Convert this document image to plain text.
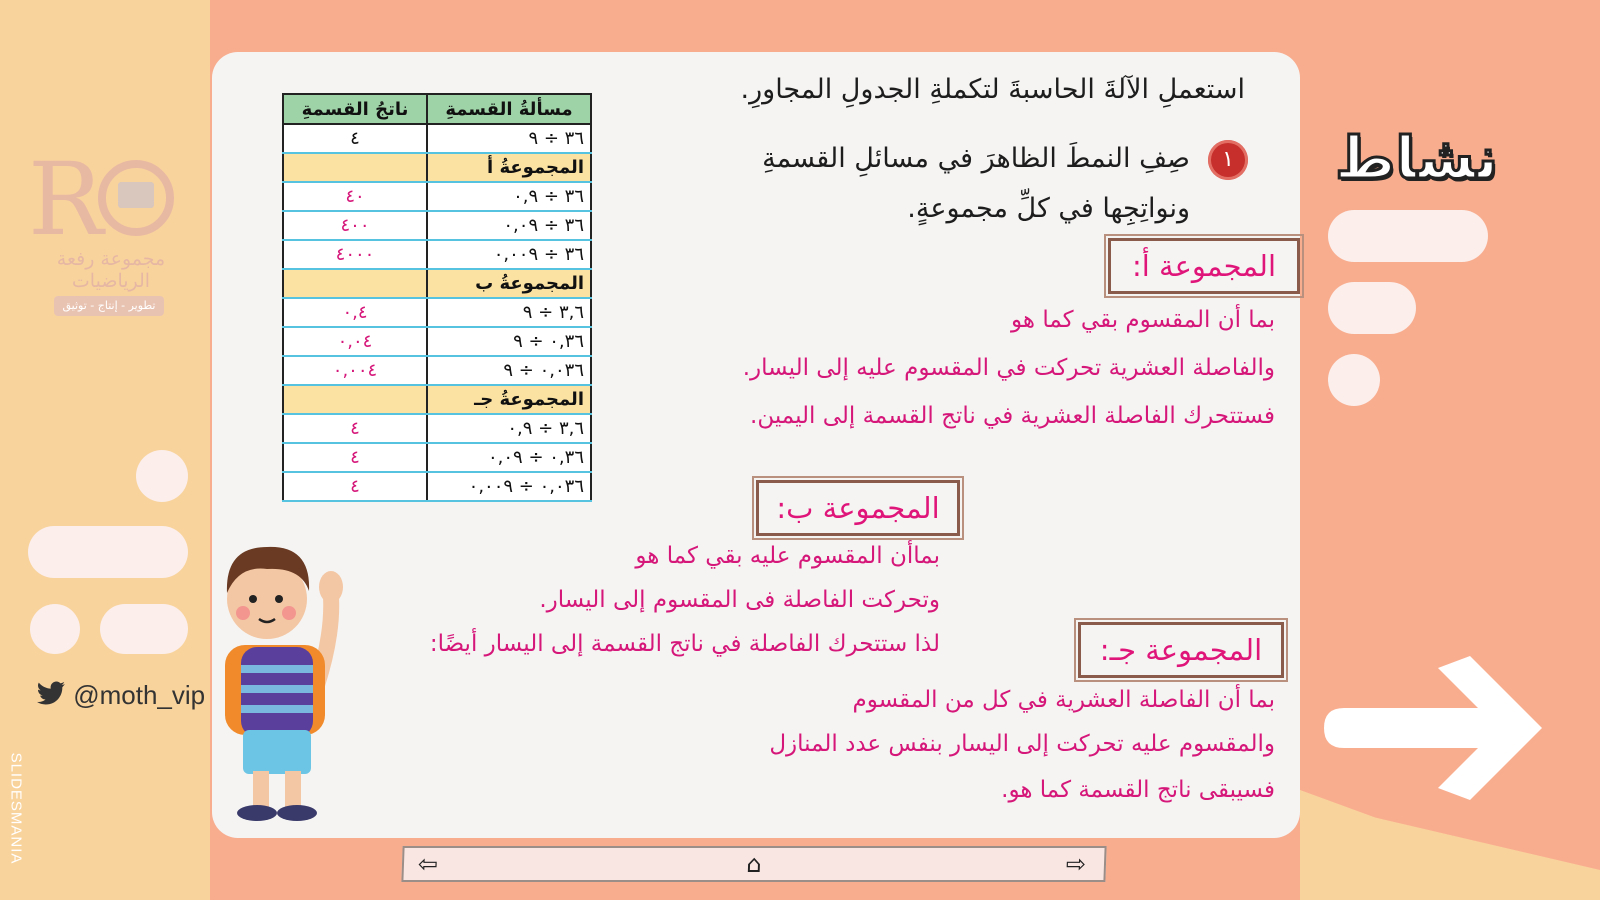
R
مجموعة رفعة الرياضيات
تطوير - إنتاج - توثيق
@moth_vip
SLIDESMANIA
نشاط
استعملِ الآلةَ الحاسبةَ لتكملةِ الجدولِ المجاورِ.
١
صِفِ النمطَ الظاهرَ في مسائلِ القسمةِ ونواتِجِها في كلِّ مجموعةٍ.
مسألةُ القسمةِ	ناتجُ القسمةِ
٣٦ ÷ ٩	٤
المجموعةُ أ	
٣٦ ÷ ٠,٩	٤٠
٣٦ ÷ ٠,٠٩	٤٠٠
٣٦ ÷ ٠,٠٠٩	٤٠٠٠
المجموعةُ ب	
٣,٦ ÷ ٩	٠,٤
٠,٣٦ ÷ ٩	٠,٠٤
٠,٠٣٦ ÷ ٩	٠,٠٠٤
المجموعةُ جـ	
٣,٦ ÷ ٠,٩	٤
٠,٣٦ ÷ ٠,٠٩	٤
٠,٠٣٦ ÷ ٠,٠٠٩	٤
المجموعة أ:
بما أن المقسوم بقي كما هو
والفاصلة العشرية تحركت في المقسوم عليه إلى اليسار.
فستتحرك الفاصلة العشرية في ناتج القسمة إلى اليمين.
المجموعة ب:
بماأن المقسوم عليه بقي كما هو
وتحركت الفاصلة فى المقسوم إلى اليسار.
لذا ستتحرك الفاصلة في ناتج القسمة إلى اليسار أيضًا:	المجموعة جـ:
بما أن الفاصلة العشرية في كل من المقسوم
والمقسوم عليه تحركت إلى اليسار بنفس عدد المنازل
فسيبقى ناتج القسمة كما هو.
⇦	⌂	⇨
